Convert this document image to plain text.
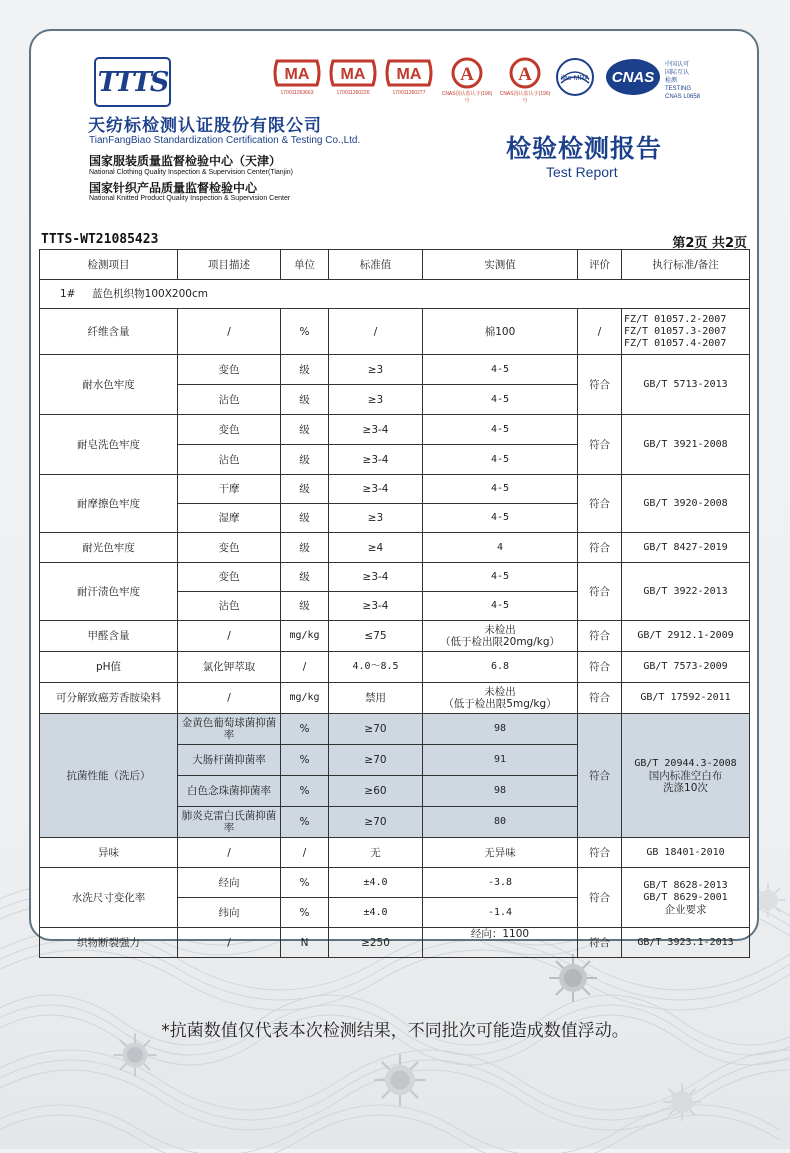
TTTS
天纺标检测认证股份有限公司
TianFangBiao Standardization Certification & Testing Co.,Ltd.
国家服装质量监督检验中心（天津）
National Clothing Quality Inspection & Supervision Center(Tianjin)
国家针织产品质量监督检验中心
National Knitted Product Quality Inspection & Supervision Center
MA
170011263663
MA
170011260226
MA
170011260277
A
CNAS国认监认字(196)号
A
CNAS国认监认字(196)号
ilac-MRA CNAS
中国认可
国际互认
检测
TESTING
CNAS L0658
检验检测报告
Test Report
TTTS-WT21085423	第2页 共2页
检测项目	项目描述	单位	标准值	实测值	评价	执行标准/备注
1#     蓝色机织物100X200cm						
纤维含量	/	%	/	棉100	/	FZ/T 01057.2-2007
FZ/T 01057.3-2007
FZ/T 01057.4-2007

耐水色牢度	变色	级	≥3	4-5	符合	GB/T 5713-2013
	沾色	级	≥3	4-5		
耐皂洗色牢度	变色	级	≥3-4	4-5	符合	GB/T 3921-2008
	沾色	级	≥3-4	4-5		
耐摩擦色牢度	干摩	级	≥3-4	4-5	符合	GB/T 3920-2008
	湿摩	级	≥3	4-5		
耐光色牢度	变色	级	≥4	4	符合	GB/T 8427-2019
耐汗渍色牢度	变色	级	≥3-4	4-5	符合	GB/T 3922-2013
	沾色	级	≥3-4	4-5		
甲醛含量	/	mg/kg	≤75	未检出
（低于检出限20mg/kg）	符合	GB/T 2912.1-2009
pH值	氯化钾萃取	/	4.0～8.5	6.8	符合	GB/T 7573-2009
可分解致癌芳香胺染料	/	mg/kg	禁用	未检出
（低于检出限5mg/kg）	符合	GB/T 17592-2011
抗菌性能（洗后）	金黄色葡萄球菌抑菌率	%	≥70	98	符合	GB/T 20944.3-2008
国内标准空白布
洗涤10次

	大肠杆菌抑菌率	%	≥70	91		
	白色念珠菌抑菌率	%	≥60	98		
	肺炎克雷白氏菌抑菌率	%	≥70	80		
异味	/	/	无	无异味	符合	GB 18401-2010
水洗尺寸变化率	经向	%	±4.0	-3.8	符合	GB/T 8628-2013
GB/T 8629-2001
企业要求

	纬向	%	±4.0	-1.4		
织物断裂强力	/	N	≥250	经向：1100	符合	GB/T 3923.1-2013
*抗菌数值仅代表本次检测结果，不同批次可能造成数值浮动。
